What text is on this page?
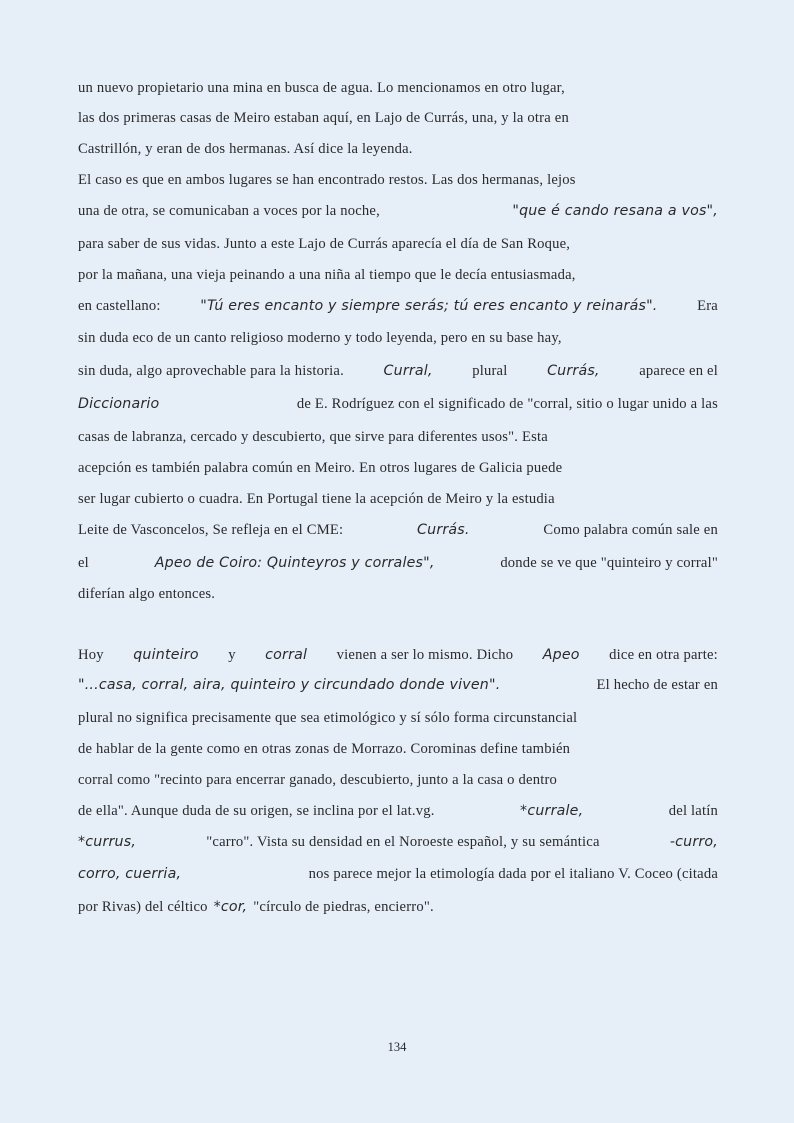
un nuevo propietario una mina en busca de agua. Lo mencionamos en otro lugar,
las dos primeras casas de Meiro estaban aquí, en Lajo de Currás, una, y la otra en
Castrillón, y eran de dos hermanas. Así dice la leyenda.
El caso es que en ambos lugares se han encontrado restos. Las dos hermanas, lejos
una de otra, se comunicaban a voces por la noche,	"que é cando resana a vos",
para saber de sus vidas. Junto a este Lajo de Currás aparecía el día de San Roque,
por la mañana, una vieja peinando a una niña al tiempo que le decía entusiasmada,
en castellano:	"Tú eres encanto y siempre serás; tú eres encanto y reinarás".	Era
sin duda eco de un canto religioso moderno y todo leyenda, pero en su base hay,
sin duda, algo aprovechable para la historia.	Curral,	plural	Currás,	aparece en el
Diccionario	de E. Rodríguez con el significado de "corral, sitio o lugar unido a las
casas de labranza, cercado y descubierto, que sirve para diferentes usos". Esta
acepción es también palabra común en Meiro. En otros lugares de Galicia puede
ser lugar cubierto o cuadra. En Portugal tiene la acepción de Meiro y la estudia
Leite de Vasconcelos, Se refleja en el CME:	Currás.	Como palabra común sale en
el	Apeo de Coiro: Quinteyros y corrales",	donde se ve que "quinteiro y corral"
diferían algo entonces.
Hoy quinteiro y corral vienen a ser lo mismo. Dicho Apeo dice en otra parte:
"...casa, corral, aira, quinteiro y circundado donde viven".	El hecho de estar en
plural no significa precisamente que sea etimológico y sí sólo forma circunstancial
de hablar de la gente como en otras zonas de Morrazo. Corominas define también
corral como "recinto para encerrar ganado, descubierto, junto a la casa o dentro
de ella". Aunque duda de su origen, se inclina por el lat.vg.	*currale,	del latín
*currus,	"carro". Vista su densidad en el Noroeste español, y su semántica	-curro,
corro, cuerria,	nos parece mejor la etimología dada por el italiano V. Coceo (citada
por Rivas) del céltico *cor, "círculo de piedras, encierro".
134
